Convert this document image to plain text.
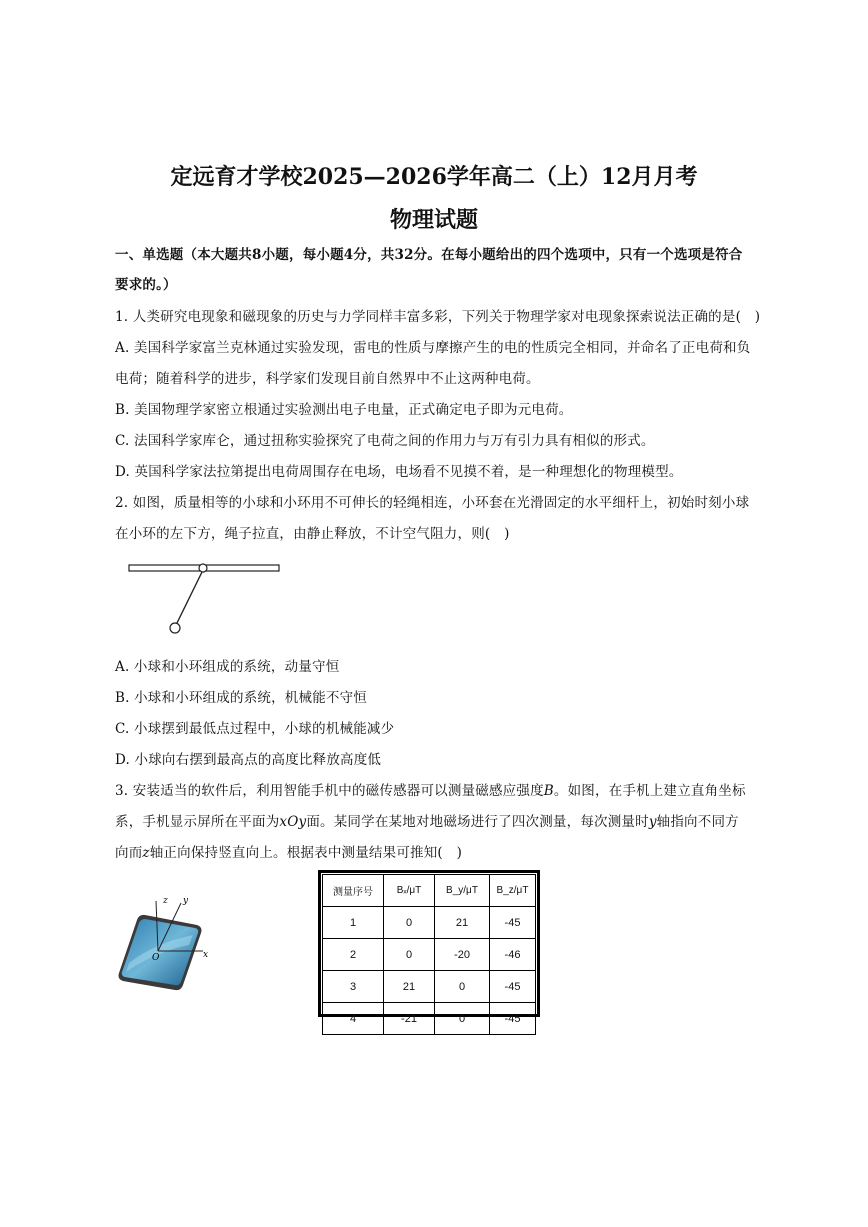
定远育才学校2025—2026学年高二（上）12月月考
物理试题
一、单选题（本大题共8小题，每小题4分，共32分。在每小题给出的四个选项中，只有一个选项是符合
要求的。）
1. 人类研究电现象和磁现象的历史与力学同样丰富多彩，下列关于物理学家对电现象探索说法正确的是(　)
A. 美国科学家富兰克林通过实验发现，雷电的性质与摩擦产生的电的性质完全相同，并命名了正电荷和负
电荷；随着科学的进步，科学家们发现目前自然界中不止这两种电荷。
B. 美国物理学家密立根通过实验测出电子电量，正式确定电子即为元电荷。
C. 法国科学家库仑，通过扭称实验探究了电荷之间的作用力与万有引力具有相似的形式。
D. 英国科学家法拉第提出电荷周围存在电场，电场看不见摸不着，是一种理想化的物理模型。
2. 如图，质量相等的小球和小环用不可伸长的轻绳相连，小环套在光滑固定的水平细杆上，初始时刻小球
在小环的左下方，绳子拉直，由静止释放，不计空气阻力，则(　)
A. 小球和小环组成的系统，动量守恒
B. 小球和小环组成的系统，机械能不守恒
C. 小球摆到最低点过程中，小球的机械能减少
D. 小球向右摆到最高点的高度比释放高度低
3. 安装适当的软件后，利用智能手机中的磁传感器可以测量磁感应强度B。如图，在手机上建立直角坐标
系，手机显示屏所在平面为xOy面。某同学在某地对地磁场进行了四次测量，每次测量时y轴指向不同方
向而z轴正向保持竖直向上。根据表中测量结果可推知(　)
z y
x
O
测量序号	Bₓ/μT	B_y/μT	B_z/μT
1	0	21	-45
2	0	-20	-46
3	21	0	-45
4	-21	0	-45
